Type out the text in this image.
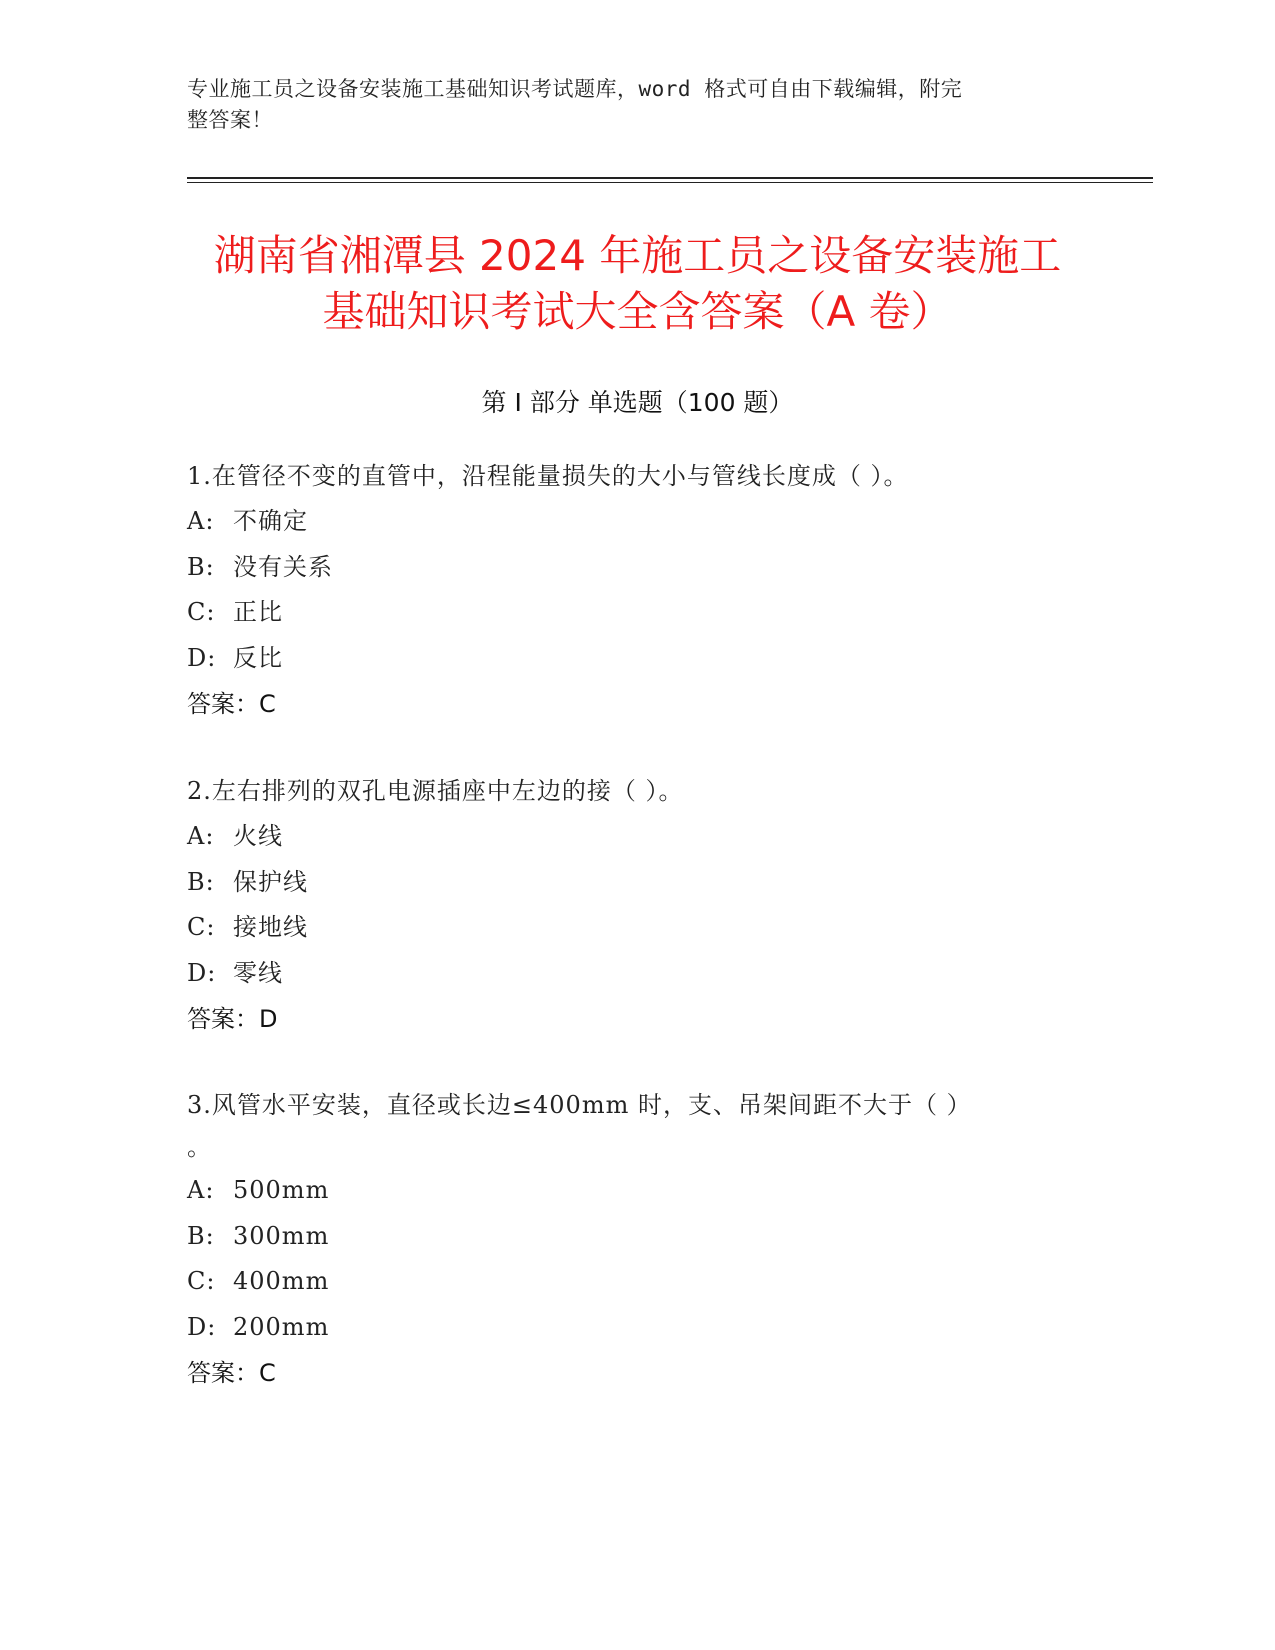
专业施工员之设备安装施工基础知识考试题库，word 格式可自由下载编辑，附完
整答案！
湖南省湘潭县 2024 年施工员之设备安装施工
基础知识考试大全含答案（A 卷）
第 I 部分 单选题（100 题）
1.在管径不变的直管中，沿程能量损失的大小与管线长度成（ ）。
A: 不确定
B: 没有关系
C: 正比
D: 反比
答案：C
2.左右排列的双孔电源插座中左边的接（ ）。
A: 火线
B: 保护线
C: 接地线
D: 零线
答案：D
3.风管水平安装，直径或长边≤400mm 时，支、吊架间距不大于（ ）
。
A: 500mm
B: 300mm
C: 400mm
D: 200mm
答案：C
